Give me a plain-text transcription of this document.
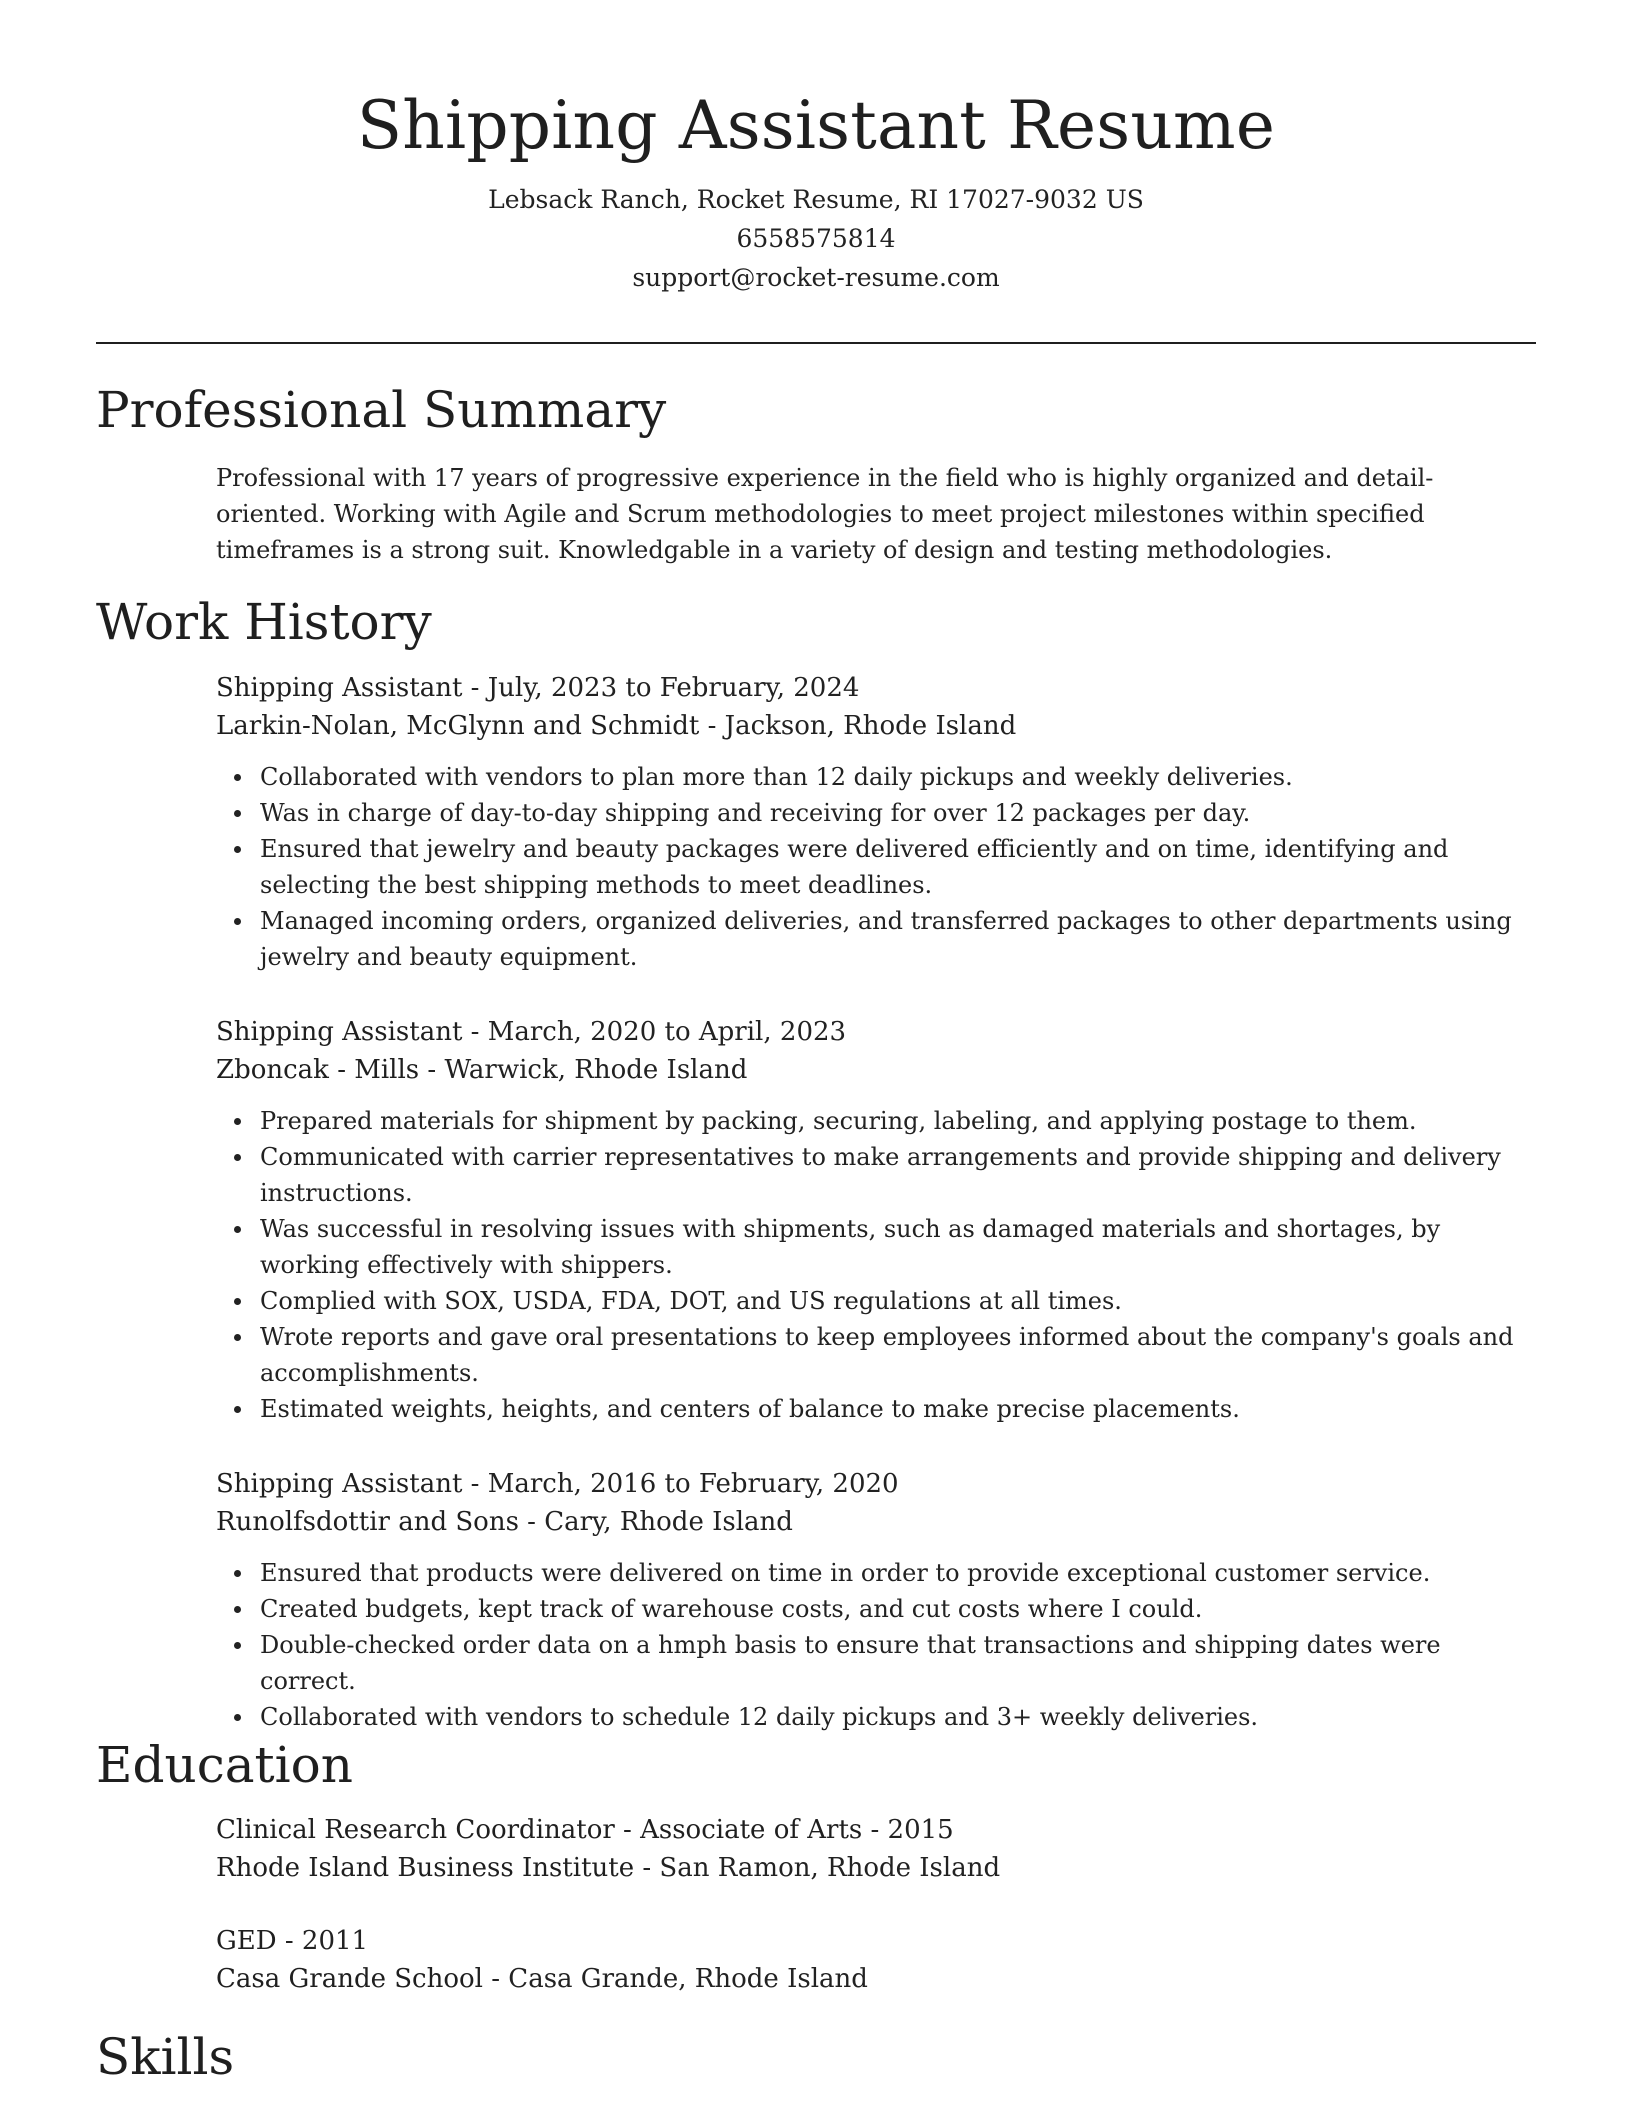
Shipping Assistant Resume
Lebsack Ranch, Rocket Resume, RI 17027-9032 US
6558575814
support@rocket-resume.com
Professional Summary
Professional with 17 years of progressive experience in the field who is highly organized and detail-oriented. Working with Agile and Scrum methodologies to meet project milestones within specified timeframes is a strong suit. Knowledgable in a variety of design and testing methodologies.
Work History
Shipping Assistant - July, 2023 to February, 2024
Larkin-Nolan, McGlynn and Schmidt - Jackson, Rhode Island
Collaborated with vendors to plan more than 12 daily pickups and weekly deliveries.
Was in charge of day-to-day shipping and receiving for over 12 packages per day.
Ensured that jewelry and beauty packages were delivered efficiently and on time, identifying and selecting the best shipping methods to meet deadlines.
Managed incoming orders, organized deliveries, and transferred packages to other departments using jewelry and beauty equipment.
Shipping Assistant - March, 2020 to April, 2023
Zboncak - Mills - Warwick, Rhode Island
Prepared materials for shipment by packing, securing, labeling, and applying postage to them.
Communicated with carrier representatives to make arrangements and provide shipping and delivery instructions.
Was successful in resolving issues with shipments, such as damaged materials and shortages, by working effectively with shippers.
Complied with SOX, USDA, FDA, DOT, and US regulations at all times.
Wrote reports and gave oral presentations to keep employees informed about the company's goals and accomplishments.
Estimated weights, heights, and centers of balance to make precise placements.
Shipping Assistant - March, 2016 to February, 2020
Runolfsdottir and Sons - Cary, Rhode Island
Ensured that products were delivered on time in order to provide exceptional customer service.
Created budgets, kept track of warehouse costs, and cut costs where I could.
Double-checked order data on a hmph basis to ensure that transactions and shipping dates were correct.
Collaborated with vendors to schedule 12 daily pickups and 3+ weekly deliveries.
Education
Clinical Research Coordinator - Associate of Arts - 2015
Rhode Island Business Institute - San Ramon, Rhode Island
GED - 2011
Casa Grande School - Casa Grande, Rhode Island
Skills
